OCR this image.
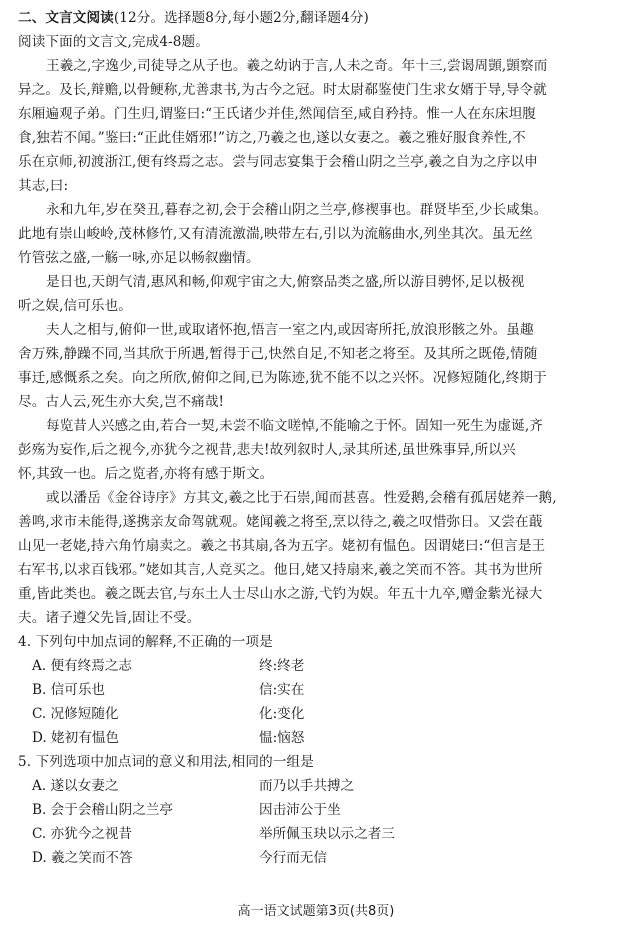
二、文言文阅读(12分。选择题8分,每小题2分,翻译题4分)

阅读下面的文言文,完成4-8题。

王羲之,字逸少,司徒导之从子也。羲之幼讷于言,人未之奇。年十三,尝谒周顗,顗察而

异之。及长,辩赡,以骨鲠称,尤善隶书,为古今之冠。时太尉郗鉴使门生求女婿于导,导令就

东厢遍观子弟。门生归,谓鉴曰:“王氏诸少并佳,然闻信至,咸自矜持。惟一人在东床坦腹

食,独若不闻。”鉴曰:“正此佳婿邪!”访之,乃羲之也,遂以女妻之。羲之雅好服食养性,不

乐在京师,初渡浙江,便有终焉之志。尝与同志宴集于会稽山阴之兰亭,羲之自为之序以申

其志,曰:

永和九年,岁在癸丑,暮春之初,会于会稽山阴之兰亭,修禊事也。群贤毕至,少长咸集。

此地有崇山峻岭,茂林修竹,又有清流激湍,映带左右,引以为流觞曲水,列坐其次。虽无丝

竹管弦之盛,一觞一咏,亦足以畅叙幽情。

是日也,天朗气清,惠风和畅,仰观宇宙之大,俯察品类之盛,所以游目骋怀,足以极视

听之娱,信可乐也。

夫人之相与,俯仰一世,或取诸怀抱,悟言一室之内,或因寄所托,放浪形骸之外。虽趣

舍万殊,静躁不同,当其欣于所遇,暂得于己,快然自足,不知老之将至。及其所之既倦,情随

事迁,感慨系之矣。向之所欣,俯仰之间,已为陈迹,犹不能不以之兴怀。况修短随化,终期于

尽。古人云,死生亦大矣,岂不痛哉!

每览昔人兴感之由,若合一契,未尝不临文嗟悼,不能喻之于怀。固知一死生为虚诞,齐

彭殇为妄作,后之视今,亦犹今之视昔,悲夫!故列叙时人,录其所述,虽世殊事异,所以兴

怀,其致一也。后之览者,亦将有感于斯文。

或以潘岳《金谷诗序》方其文,羲之比于石崇,闻而甚喜。性爱鹅,会稽有孤居姥养一鹅,

善鸣,求市未能得,遂携亲友命驾就观。姥闻羲之将至,烹以待之,羲之叹惜弥日。又尝在蕺

山见一老姥,持六角竹扇卖之。羲之书其扇,各为五字。姥初有愠色。因谓姥曰:“但言是王

右军书,以求百钱邪。”姥如其言,人竞买之。他日,姥又持扇来,羲之笑而不答。其书为世所

重,皆此类也。羲之既去官,与东土人士尽山水之游,弋钓为娱。年五十九卒,赠金紫光禄大

夫。诸子遵父先旨,固让不受。

4. 下列句中加点词的解释,不正确的一项是

A. 便有终焉之志	终:终老
B. 信可乐也	信:实在
C. 况修短随化	化:变化
D. 姥初有愠色	愠:恼怒

5. 下列选项中加点词的意义和用法,相同的一组是

A. 遂以女妻之	而乃以手共搏之
B. 会于会稽山阴之兰亭	因击沛公于坐
C. 亦犹今之视昔	举所佩玉玦以示之者三
D. 羲之笑而不答	今行而无信
高一语文试题第3页(共8页)
